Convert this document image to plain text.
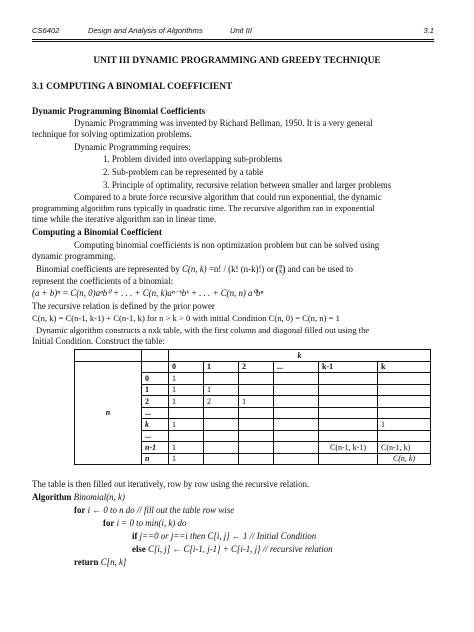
CS6402	Design and Analysis of Algorithms	Unit III	3.1
UNIT III DYNAMIC PROGRAMMING AND GREEDY TECHNIQUE
3.1 COMPUTING A BINOMIAL COEFFICIENT
Dynamic Programming Binomial Coefficients
Dynamic Programming was invented by Richard Bellman, 1950. It is a very general
technique for solving optimization problems.
Dynamic Programming requires:
1. Problem divided into overlapping sub-problems
2. Sub-problem can be represented by a table
3. Principle of optimality, recursive relation between smaller and larger problems
Compared to a brute force recursive algorithm that could run exponential, the dynamic
programming algorithm runs typically in quadratic time. The recursive algorithm ran in exponential
time while the iterative algorithm ran in linear time.
Computing a Binomial Coefficient
Computing binomial coefficients is non optimization problem but can be solved using
dynamic programming.
Binomial coefficients are represented by C(n, k) =n! / (k! (n-k)!) or n
k and can be used to
represent the coefficients of a binomial:
(a + b)ⁿ = C(n, 0)aⁿb⁰ + . . . + C(n, k)aⁿ⁻ᵏbᵏ + . . . + C(n, n) a⁰bⁿ
The recursive relation is defined by the prior power
C(n, k) = C(n-1, k-1) + C(n-1, k) for n > k > 0 with initial Condition C(n, 0) = C(n, n) = 1
Dynamic algorithm constructs a nxk table, with the first column and diagonal filled out using the
Initial Condition. Construct the table:
		k					
n		0	1	2	...	k-1	k
	0	1					
	1	1	1				
	2	1	2	1			
	...						
	k	1					1
	...						
	n-1	1				C(n-1, k-1)	C(n-1, k)
	n	1					C(n, k)
The table is then filled out iteratively, row by row using the recursive relation.
Algorithm Binomial(n, k)
for i ← 0 to n do // fill out the table row wise
for i = 0 to min(i, k) do
if j==0 or j==i then C[i, j] ← 1 // Initial Condition
else C[i, j] ← C[i-1, j-1] + C[i-1, j] // recursive relation
return C[n, k]
